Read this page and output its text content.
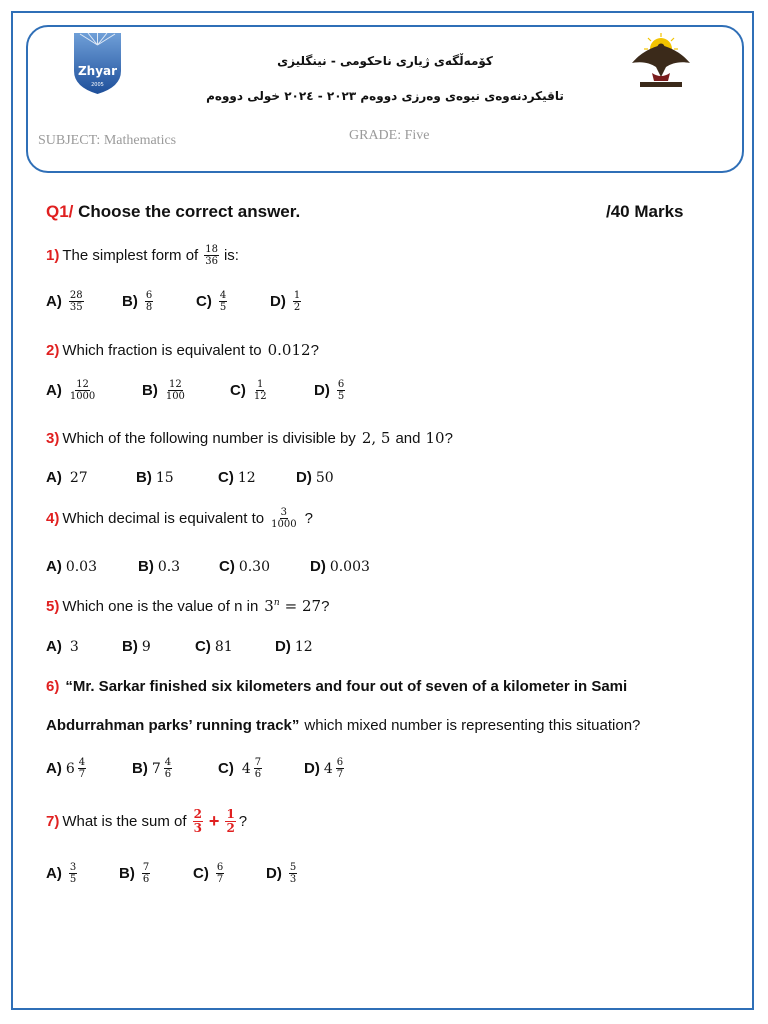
Zhyar
2005
کۆمەڵگەی ژیاری ناحکومی - نینگلیزی
تاقیکردنەوەی نیوەی وەرزی دووەم ٢٠٢٣ - ٢٠٢٤ خولی دووەم
SUBJECT: Mathematics	GRADE: Five
Q1/ Choose the correct answer.	/40 Marks
1) The simplest form of $\frac{18}{36}$ is:
$A) \frac{28}{35}$	$B) \frac{6}{8}$	$C) \frac{4}{5}$	$D) \frac{1}{2}$
2) Which fraction is equivalent to 0.012 ?
$A) \frac{12}{1000}$	$B) \frac{12}{100}$	$C) \frac{1}{12}$	$D) \frac{6}{5}$
3) Which of the following number is divisible by 2, 5 and 10 ?
A) 27	B) 15	C) 12	D) 50
4) Which decimal is equivalent to $\frac{3}{1000}$ ?
A) 0.03	B) 0.3	C) 0.30	D) 0.003
5) Which one is the value of n in $3^n = 27$ ?
A) 3	B) 9	C) 81	D) 12
6) “Mr. Sarkar finished six kilometers and four out of seven of a kilometer in Sami
Abdurrahman parks’ running track” which mixed number is representing this situation?
A) $6 \frac{4}{7}$	B) $7 \frac{4}{6}$	C) $4 \frac{7}{6}$	D) $4 \frac{6}{7}$
7) What is the sum of $\frac{2}{3} + \frac{1}{2}$ ?
$A) \frac{3}{5}$	$B) \frac{7}{6}$	$C) \frac{6}{7}$	$D) \frac{5}{3}$
